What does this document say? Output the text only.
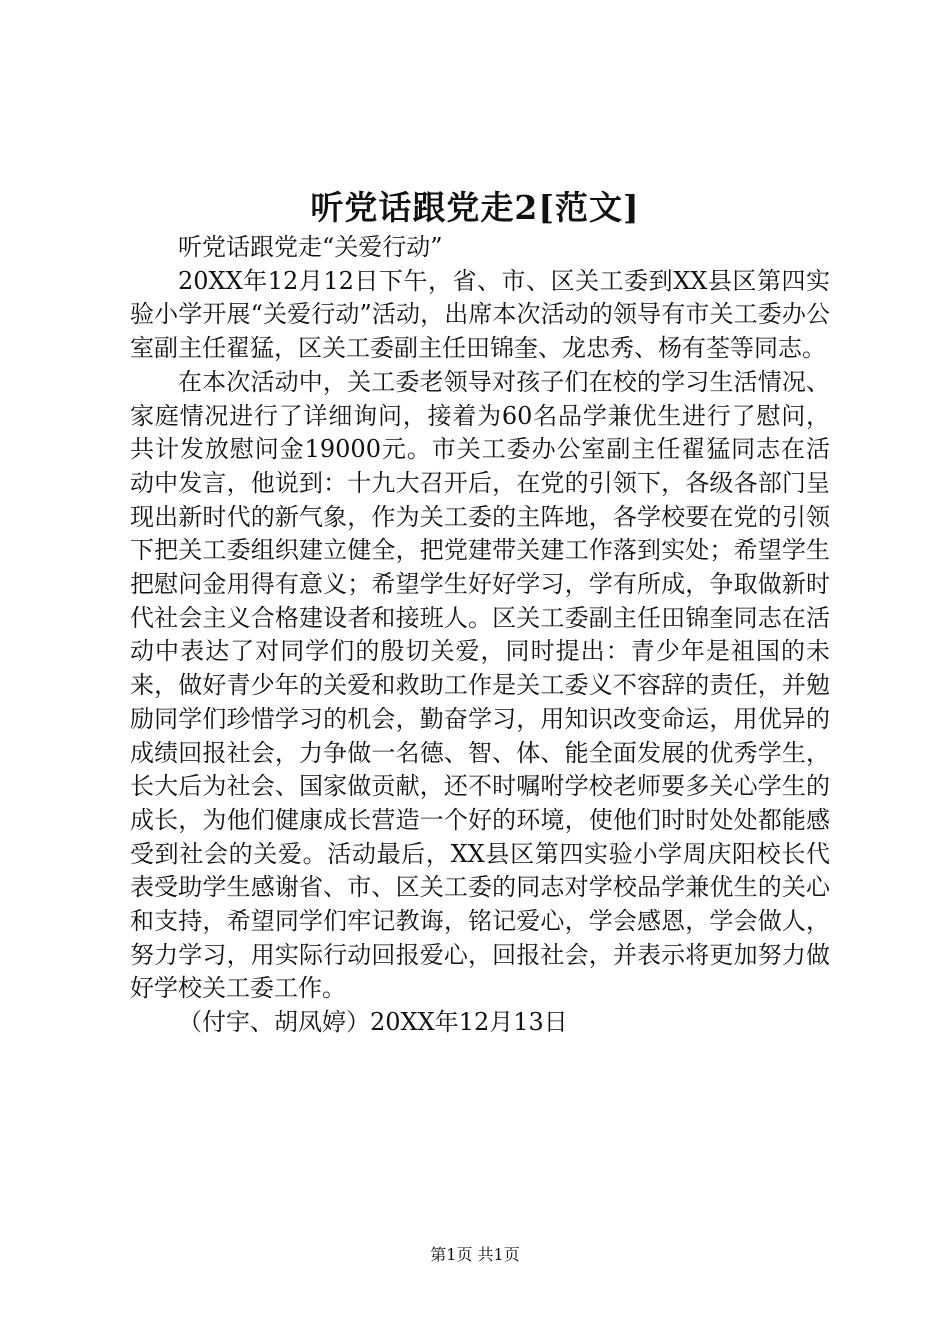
听党话跟党走2[范文]

听党话跟党走“关爱行动”

20XX年12月12日下午，省、市、区关工委到XX县区第四实验小学开展“关爱行动”活动，出席本次活动的领导有市关工委办公室副主任翟猛，区关工委副主任田锦奎、龙忠秀、杨有荃等同志。

在本次活动中，关工委老领导对孩子们在校的学习生活情况、家庭情况进行了详细询问，接着为60名品学兼优生进行了慰问，共计发放慰问金19000元。市关工委办公室副主任翟猛同志在活动中发言，他说到：十九大召开后，在党的引领下，各级各部门呈现出新时代的新气象，作为关工委的主阵地，各学校要在党的引领下把关工委组织建立健全，把党建带关建工作落到实处；希望学生把慰问金用得有意义；希望学生好好学习，学有所成，争取做新时代社会主义合格建设者和接班人。区关工委副主任田锦奎同志在活动中表达了对同学们的殷切关爱，同时提出：青少年是祖国的未来，做好青少年的关爱和救助工作是关工委义不容辞的责任，并勉励同学们珍惜学习的机会，勤奋学习，用知识改变命运，用优异的成绩回报社会，力争做一名德、智、体、能全面发展的优秀学生，长大后为社会、国家做贡献，还不时嘱咐学校老师要多关心学生的成长，为他们健康成长营造一个好的环境，使他们时时处处都能感受到社会的关爱。活动最后，XX县区第四实验小学周庆阳校长代表受助学生感谢省、市、区关工委的同志对学校品学兼优生的关心和支持，希望同学们牢记教诲，铭记爱心，学会感恩，学会做人，努力学习，用实际行动回报爱心，回报社会，并表示将更加努力做好学校关工委工作。

（付宇、胡凤婷）20XX年12月13日

第1页 共1页
